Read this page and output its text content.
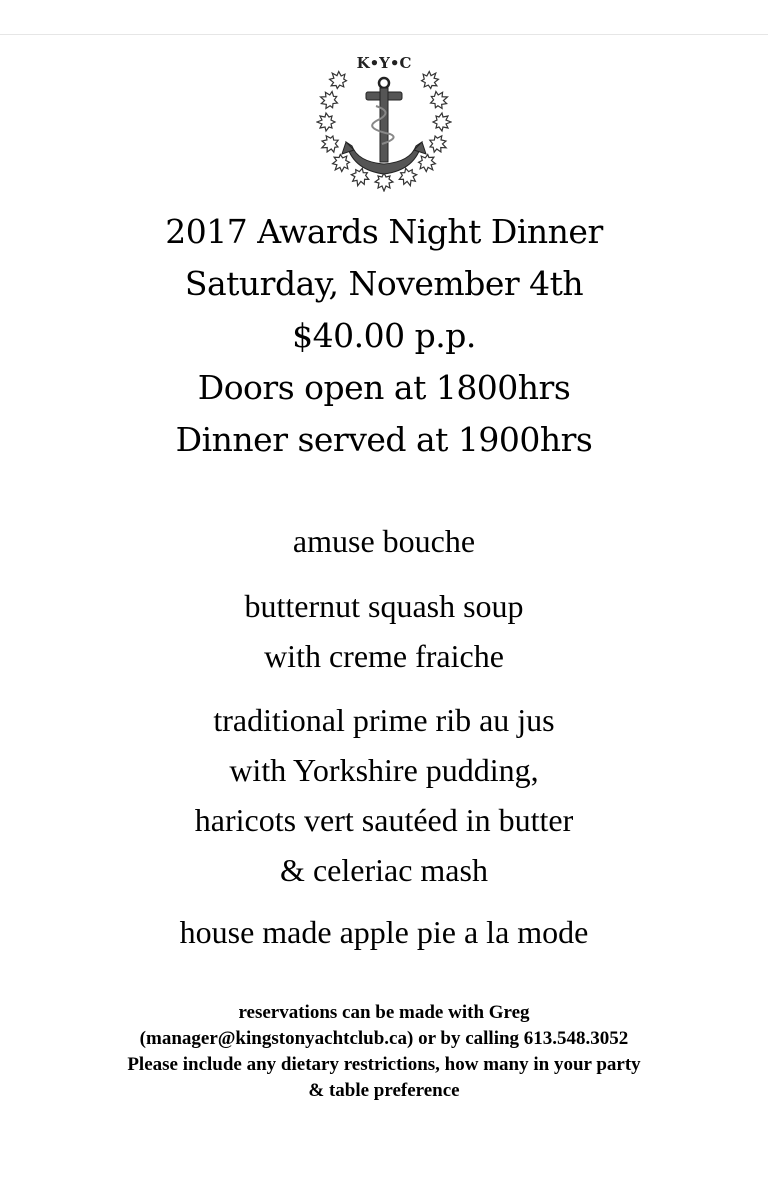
K•Y•C
2017 Awards Night Dinner
Saturday, November 4th
$40.00 p.p.
Doors open at 1800hrs
Dinner served at 1900hrs
amuse bouche
butternut squash soup
with creme fraiche
traditional prime rib au jus
with Yorkshire pudding,
haricots vert sautéed in butter
& celeriac mash
house made apple pie a la mode
reservations can be made with Greg
(manager@kingstonyachtclub.ca) or by calling 613.548.3052
Please include any dietary restrictions, how many in your party
& table preference
